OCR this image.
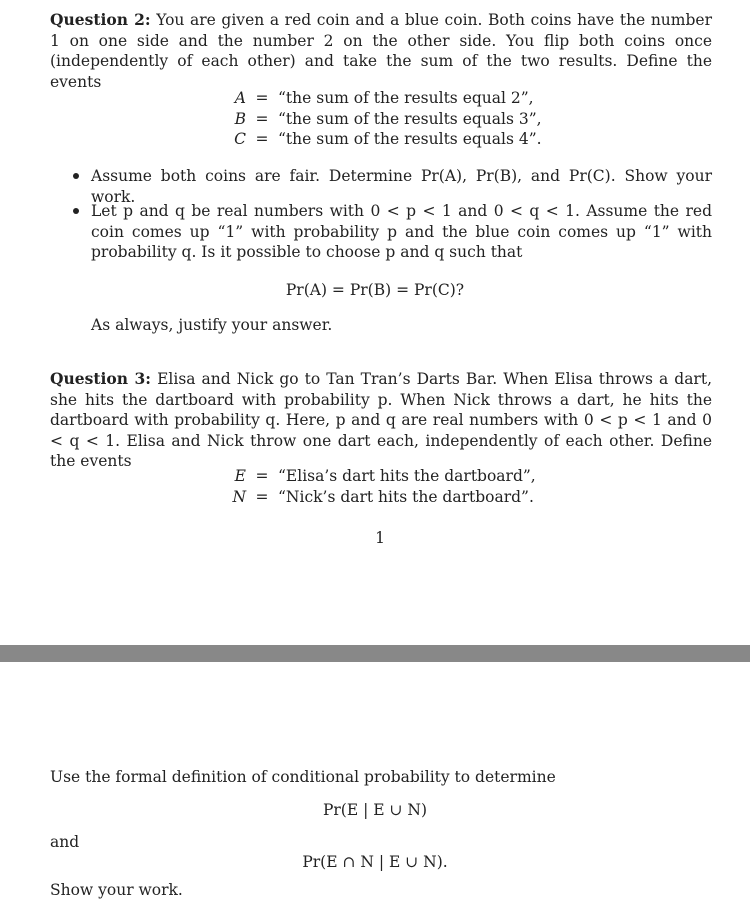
Question 2: You are given a red coin and a blue coin. Both coins have the number 1 on one side and the number 2 on the other side. You flip both coins once (independently of each other) and take the sum of the two results. Define the events

A = “the sum of the results equal 2”,
B = “the sum of the results equals 3”,
C = “the sum of the results equals 4”.

Assume both coins are fair. Determine Pr(A), Pr(B), and Pr(C). Show your work.

Let p and q be real numbers with 0 < p < 1 and 0 < q < 1. Assume the red coin comes up “1” with probability p and the blue coin comes up “1” with probability q. Is it possible to choose p and q such that

Pr(A) = Pr(B) = Pr(C)?

As always, justify your answer.

Question 3: Elisa and Nick go to Tan Tran’s Darts Bar. When Elisa throws a dart, she hits the dartboard with probability p. When Nick throws a dart, he hits the dartboard with probability q. Here, p and q are real numbers with 0 < p < 1 and 0 < q < 1. Elisa and Nick throw one dart each, independently of each other. Define the events

E = “Elisa’s dart hits the dartboard”,
N = “Nick’s dart hits the dartboard”.
1

Use the formal definition of conditional probability to determine

Pr(E | E ∪ N)

and

Pr(E ∩ N | E ∪ N).

Show your work.
